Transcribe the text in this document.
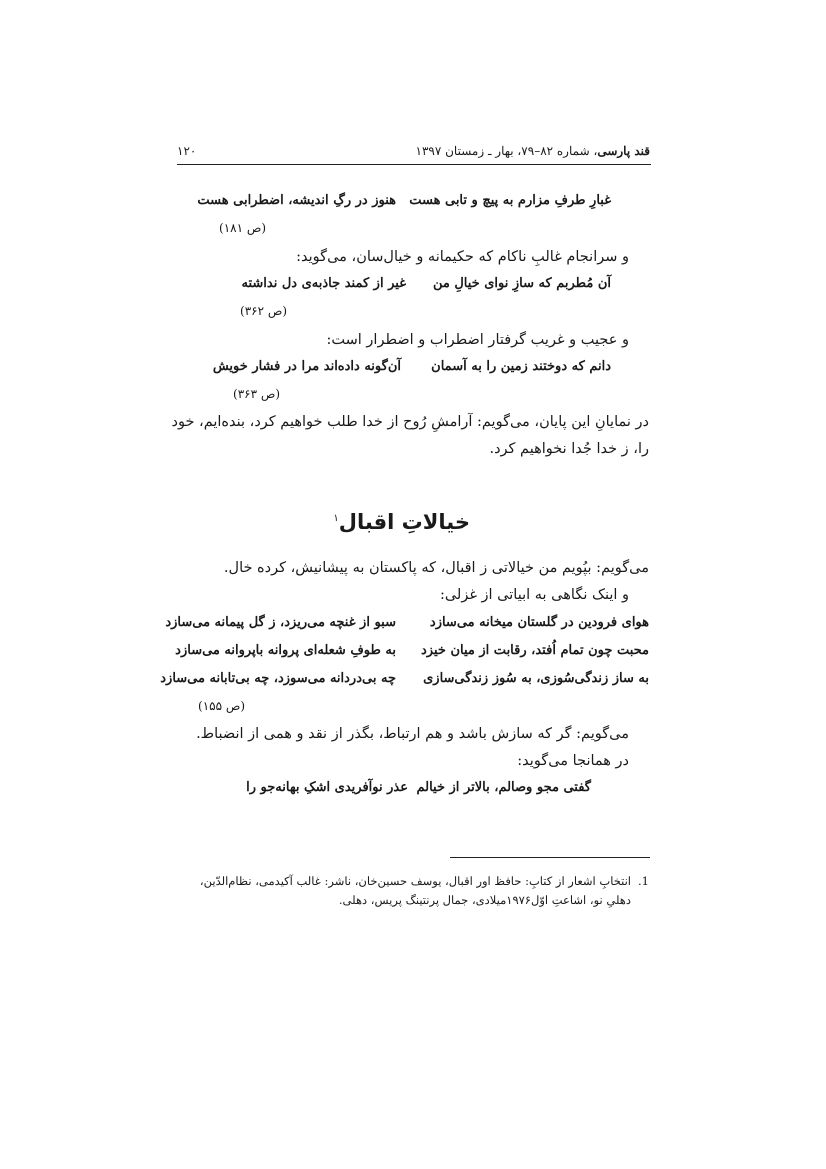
قند پارسی، شماره ۸۲–۷۹، بهار ـ زمستان ۱۳۹۷
۱۲۰
غبارِ طرفِ مزارم به پیچ و تابی هست
هنوز در رگِ اندیشه، اضطرابی هست
(ص ۱۸۱)
و سرانجام غالبِ ناکام که حکیمانه و خیال‌سان، می‌گوید:
آن مُطربم که سازِ نوای خیالِ من
غیر از کمند جاذبه‌ی دل نداشته
(ص ۳۶۲)
و عجیب و غریب گرفتار اضطراب و اضطرار است:
دانم که دوختند زمین را به آسمان
آن‌گونه داده‌اند مرا در فشار خویش
(ص ۳۶۳)
در نمایانِ این پایان، می‌گویم: آرامشِ رُوح از خدا طلب خواهیم کرد، بنده‌ایم، خود
را، ز خدا جُدا نخواهیم کرد.
خیالاتِ اقبال$^۱$
می‌گویم: بپُویم من خیالاتی ز اقبال، که پاکستان به پیشانیش، کرده خال.
و اینک نگاهی به ابیاتی از غزلی:
هوای فرودین در گلستان میخانه می‌سازد
سبو از غنچه می‌ریزد، ز گل پیمانه می‌سازد
محبت چون تمام اُفتد، رقابت از میان خیزد
به طوفِ شعله‌ای پروانه باپروانه می‌سازد
به ساز زندگی‌سُوزی، به سُوز زندگی‌سازی
چه بی‌دردانه می‌سوزد، چه بی‌تابانه می‌سازد
(ص ۱۵۵)
می‌گویم: گر که سازش باشد و هم ارتباط، بگذر از نقد و همی از انضباط.
در همانجا می‌گوید:
گفتی مجو وصالم، بالاتر از خیالم
عذر نوآفریدی اشکِ بهانه‌جو را
1.
انتخابِ اشعار از کتابِ: حافظ اور اقبال، یوسف حسین‌خان، ناشر: غالب آکیدمی، نظام‌الدّین،
دهلیِ نو، اشاعتِ اوّل۱۹۷۶میلادی، جمال پرنتینگ پریس، دهلی.
